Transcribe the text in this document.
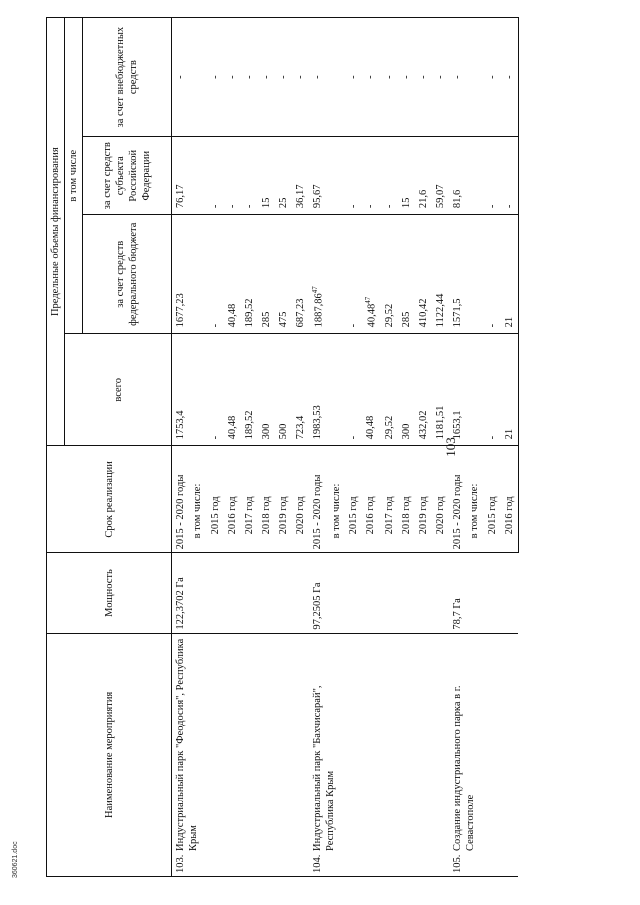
103
Наименование мероприятия	Мощность	Срок реализации	Предельные объемы финансирования			
			всего	в том числе		
				за счет средств федерального бюджета	за счет средств субъекта Российской Федерации	за счет внебюджетных средств

103.
Индустриальный парк "Феодосия", Республика Крым	122,3702 Га	2015 - 2020 годы	1753,4	1677,23	76,17	-
		в том числе:				
		2015 год	-	-	-	-
		2016 год	40,48	40,48	-	-
		2017 год	189,52	189,52	-	-
		2018 год	300	285	15	-
		2019 год	500	475	25	-
		2020 год	723,4	687,23	36,17	-

104.
Индустриальный парк "Бахчисарай", Республика Крым	97,2505 Га	2015 - 2020 годы	1983,53	1887,86$^{47}$	95,67	-
		в том числе:				
		2015 год	-	-	-	-
		2016 год	40,48	40,48$^{47}$	-	-
		2017 год	29,52	29,52	-	-
		2018 год	300	285	15	-
		2019 год	432,02	410,42	21,6	-
		2020 год	1181,51	1122,44	59,07	-

105.
Создание индустриального парка в г. Севастополе	78,7 Га	2015 - 2020 годы	1653,1	1571,5	81,6	-
		в том числе:				
		2015 год	-	-	-	-
		2016 год	21	21	-	-
360621.doc
